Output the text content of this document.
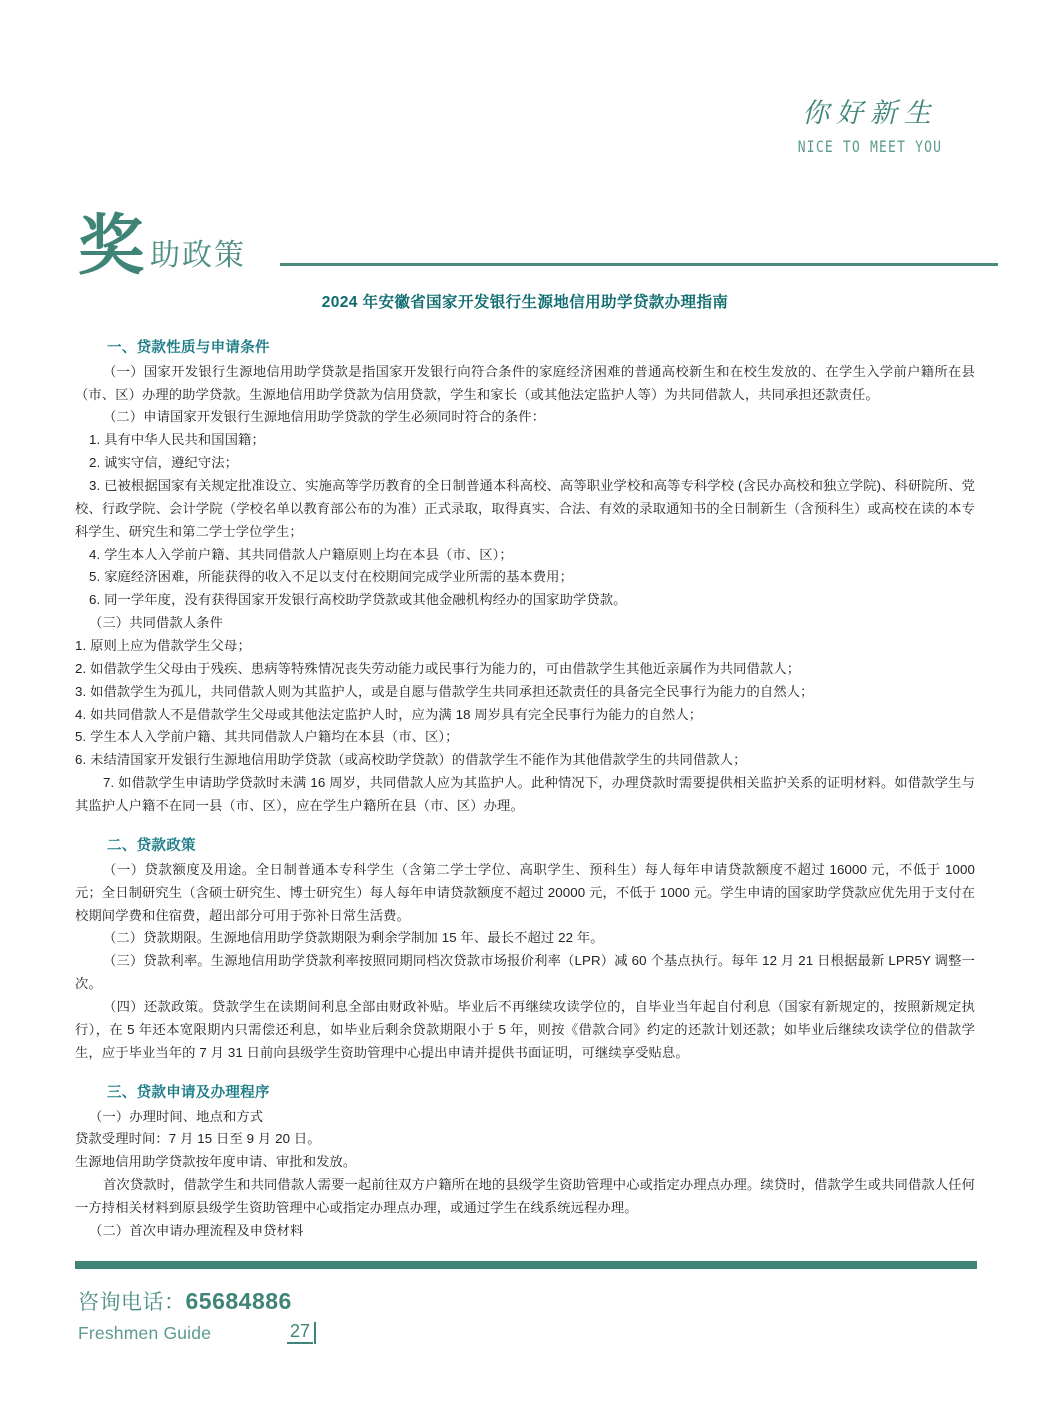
你好新生
NICE TO MEET YOU
奖 助政策
2024 年安徽省国家开发银行生源地信用助学贷款办理指南
一、贷款性质与申请条件

（一）国家开发银行生源地信用助学贷款是指国家开发银行向符合条件的家庭经济困难的普通高校新生和在校生发放的、在学生入学前户籍所在县（市、区）办理的助学贷款。生源地信用助学贷款为信用贷款，学生和家长（或其他法定监护人等）为共同借款人，共同承担还款责任。

（二）申请国家开发银行生源地信用助学贷款的学生必须同时符合的条件：

1. 具有中华人民共和国国籍；

2. 诚实守信，遵纪守法；

3. 已被根据国家有关规定批准设立、实施高等学历教育的全日制普通本科高校、高等职业学校和高等专科学校 (含民办高校和独立学院)、科研院所、党校、行政学院、会计学院（学校名单以教育部公布的为准）正式录取，取得真实、合法、有效的录取通知书的全日制新生（含预科生）或高校在读的本专科学生、研究生和第二学士学位学生；

4. 学生本人入学前户籍、其共同借款人户籍原则上均在本县（市、区）；

5. 家庭经济困难，所能获得的收入不足以支付在校期间完成学业所需的基本费用；

6. 同一学年度，没有获得国家开发银行高校助学贷款或其他金融机构经办的国家助学贷款。

（三）共同借款人条件

1. 原则上应为借款学生父母；

2. 如借款学生父母由于残疾、患病等特殊情况丧失劳动能力或民事行为能力的，可由借款学生其他近亲属作为共同借款人；

3. 如借款学生为孤儿，共同借款人则为其监护人，或是自愿与借款学生共同承担还款责任的具备完全民事行为能力的自然人；

4. 如共同借款人不是借款学生父母或其他法定监护人时，应为满 18 周岁具有完全民事行为能力的自然人；

5. 学生本人入学前户籍、其共同借款人户籍均在本县（市、区）；

6. 未结清国家开发银行生源地信用助学贷款（或高校助学贷款）的借款学生不能作为其他借款学生的共同借款人；

7. 如借款学生申请助学贷款时未满 16 周岁，共同借款人应为其监护人。此种情况下，办理贷款时需要提供相关监护关系的证明材料。如借款学生与其监护人户籍不在同一县（市、区），应在学生户籍所在县（市、区）办理。

二、贷款政策

（一）贷款额度及用途。全日制普通本专科学生（含第二学士学位、高职学生、预科生）每人每年申请贷款额度不超过 16000 元，不低于 1000 元；全日制研究生（含硕士研究生、博士研究生）每人每年申请贷款额度不超过 20000 元，不低于 1000 元。学生申请的国家助学贷款应优先用于支付在校期间学费和住宿费，超出部分可用于弥补日常生活费。

（二）贷款期限。生源地信用助学贷款期限为剩余学制加 15 年、最长不超过 22 年。

（三）贷款利率。生源地信用助学贷款利率按照同期同档次贷款市场报价利率（LPR）减 60 个基点执行。每年 12 月 21 日根据最新 LPR5Y 调整一次。

（四）还款政策。贷款学生在读期间利息全部由财政补贴。毕业后不再继续攻读学位的，自毕业当年起自付利息（国家有新规定的，按照新规定执行），在 5 年还本宽限期内只需偿还利息，如毕业后剩余贷款期限小于 5 年，则按《借款合同》约定的还款计划还款；如毕业后继续攻读学位的借款学生，应于毕业当年的 7 月 31 日前向县级学生资助管理中心提出申请并提供书面证明，可继续享受贴息。

三、贷款申请及办理程序

（一）办理时间、地点和方式

贷款受理时间：7 月 15 日至 9 月 20 日。

生源地信用助学贷款按年度申请、审批和发放。

首次贷款时，借款学生和共同借款人需要一起前往双方户籍所在地的县级学生资助管理中心或指定办理点办理。续贷时，借款学生或共同借款人任何一方持相关材料到原县级学生资助管理中心或指定办理点办理，或通过学生在线系统远程办理。

（二）首次申请办理流程及申贷材料

咨询电话：65684886
Freshmen Guide	27
